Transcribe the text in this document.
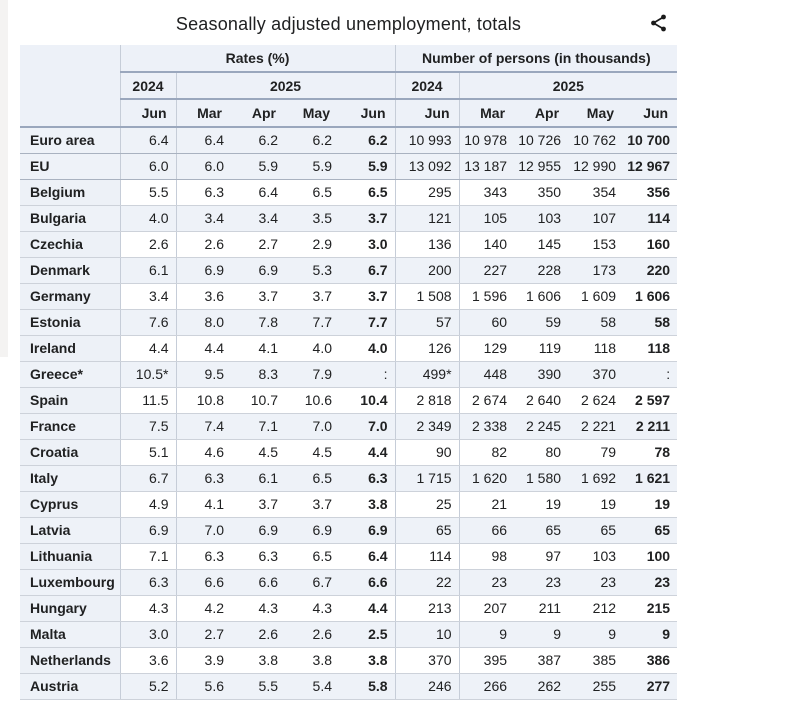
Seasonally adjusted unemployment, totals
	Rates (%)					Number of persons (in thousands)				
	2024	2025				2024	2025			
	Jun	Mar	Apr	May	Jun	Jun	Mar	Apr	May	Jun
Euro area	6.4	6.4	6.2	6.2	6.2	10 993	10 978	10 726	10 762	10 700
EU	6.0	6.0	5.9	5.9	5.9	13 092	13 187	12 955	12 990	12 967
Belgium	5.5	6.3	6.4	6.5	6.5	295	343	350	354	356
Bulgaria	4.0	3.4	3.4	3.5	3.7	121	105	103	107	114
Czechia	2.6	2.6	2.7	2.9	3.0	136	140	145	153	160
Denmark	6.1	6.9	6.9	5.3	6.7	200	227	228	173	220
Germany	3.4	3.6	3.7	3.7	3.7	1 508	1 596	1 606	1 609	1 606
Estonia	7.6	8.0	7.8	7.7	7.7	57	60	59	58	58
Ireland	4.4	4.4	4.1	4.0	4.0	126	129	119	118	118
Greece*	10.5*	9.5	8.3	7.9	:	499*	448	390	370	:
Spain	11.5	10.8	10.7	10.6	10.4	2 818	2 674	2 640	2 624	2 597
France	7.5	7.4	7.1	7.0	7.0	2 349	2 338	2 245	2 221	2 211
Croatia	5.1	4.6	4.5	4.5	4.4	90	82	80	79	78
Italy	6.7	6.3	6.1	6.5	6.3	1 715	1 620	1 580	1 692	1 621
Cyprus	4.9	4.1	3.7	3.7	3.8	25	21	19	19	19
Latvia	6.9	7.0	6.9	6.9	6.9	65	66	65	65	65
Lithuania	7.1	6.3	6.3	6.5	6.4	114	98	97	103	100
Luxembourg	6.3	6.6	6.6	6.7	6.6	22	23	23	23	23
Hungary	4.3	4.2	4.3	4.3	4.4	213	207	211	212	215
Malta	3.0	2.7	2.6	2.6	2.5	10	9	9	9	9
Netherlands	3.6	3.9	3.8	3.8	3.8	370	395	387	385	386
Austria	5.2	5.6	5.5	5.4	5.8	246	266	262	255	277
